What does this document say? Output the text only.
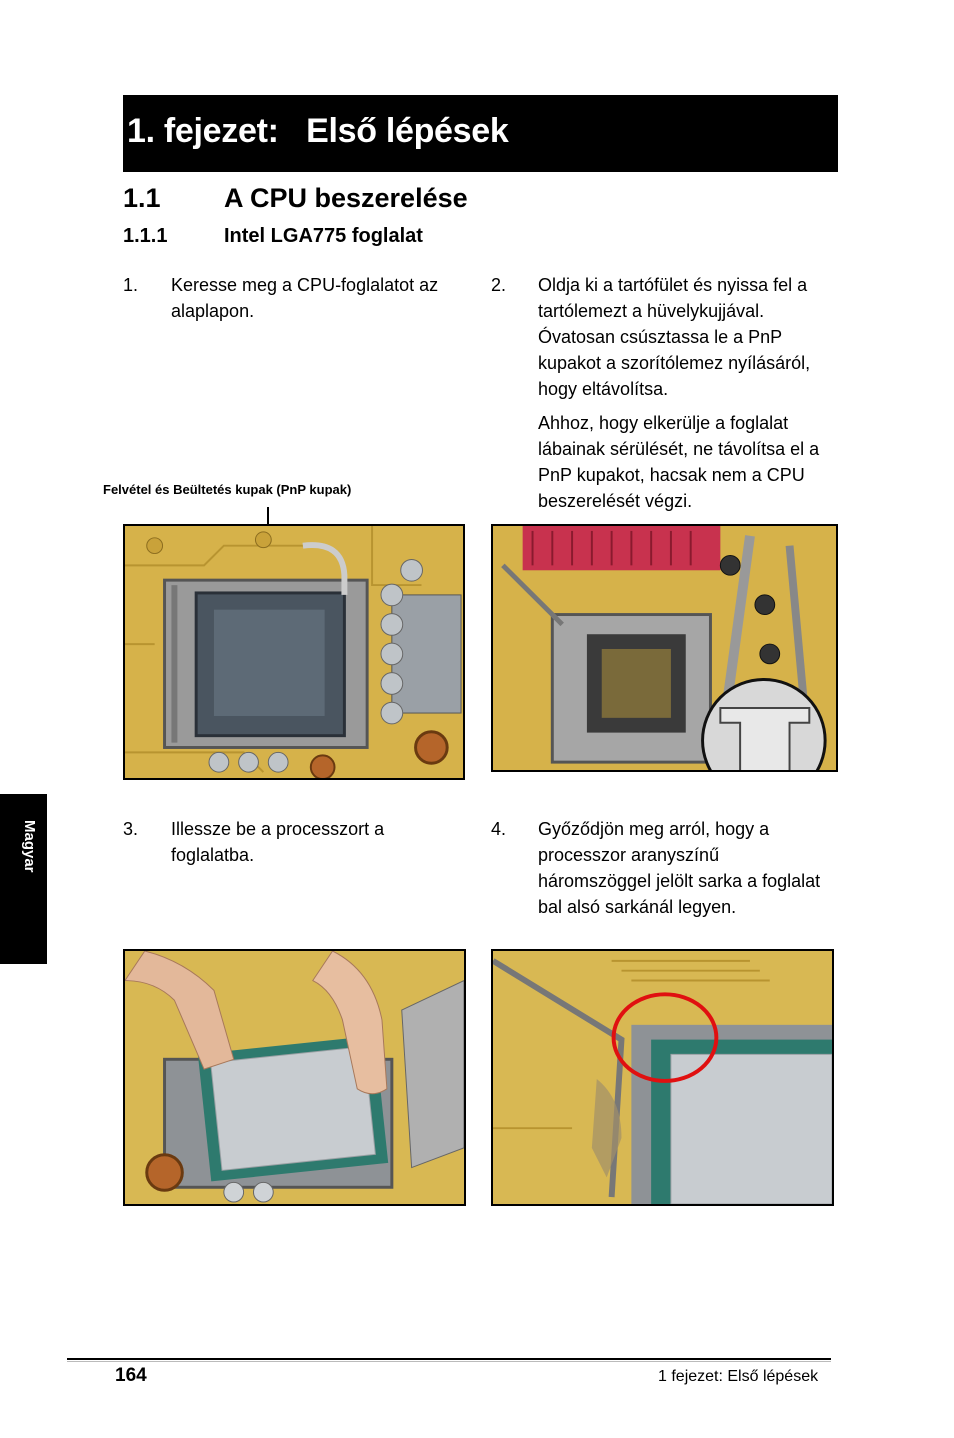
1. fejezet:   Első lépések
1.1 A CPU beszerelése
1.1.1	Intel LGA775 foglalat
1. Keresse meg a CPU-foglalatot az alaplapon.
2. Oldja ki a tartófület és nyissa fel a tartólemezt a hüvelykujjával. Óvatosan csúsztassa le a PnP kupakot a szorítólemez nyílásáról, hogy eltávolítsa.
Ahhoz, hogy elkerülje a foglalat lábainak sérülését, ne távolítsa el a PnP kupakot, hacsak nem a CPU beszerelését végzi.
Felvétel és Beültetés kupak (PnP kupak)
3. Illessze be a processzort a foglalatba.
4. Győződjön meg arról, hogy a processzor aranyszínű háromszöggel jelölt sarka a foglalat bal alsó sarkánál legyen.
Magyar
164	1 fejezet: Első lépések
